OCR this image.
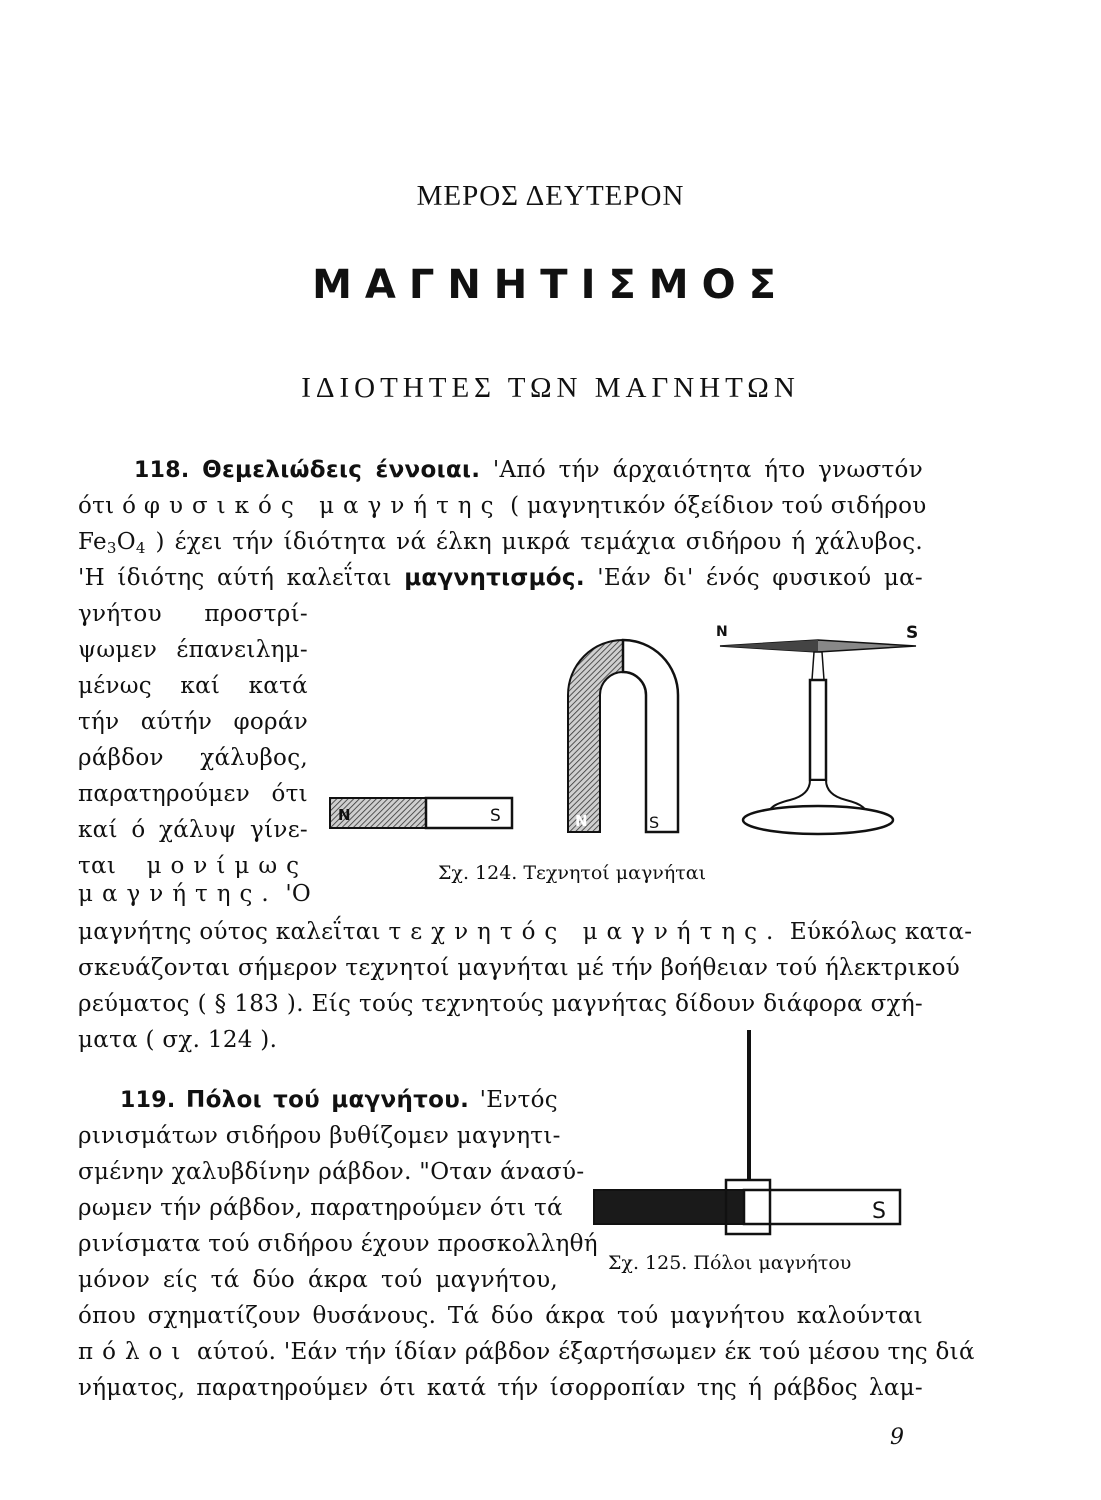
ΜΕΡΟΣ ΔΕΥΤΕΡΟΝ
ΜΑΓΝΗΤΙΣΜΟΣ
ΙΔΙΟΤΗΤΕΣ ΤΩΝ ΜΑΓΝΗΤΩΝ
118. Θεμελιώδεις έννοιαι. 'Από τήν άρχαιότητα ήτο γνωστόν
ότι ό φυσικός μαγνήτης ( μαγνητικόν όξείδιον τού σιδήρου
$Fe_3O_4$ ) έχει τήν ίδιότητα νά έλκη μικρά τεμάχια σιδήρου ή χάλυβος.
'Η ίδιότης αύτή καλεΐται μαγνητισμός. 'Εάν δι' ένός φυσικού μα-
γνήτου προστρί-
ψωμεν έπανειλημ-
μένως καί κατά
τήν αύτήν φοράν
ράβδον χάλυβος,
παρατηρούμεν ότι
καί ό χάλυψ γίνε-
ται μονίμως
μαγνήτης. 'Ο
μαγνήτης ούτος καλεΐται τεχνητός μαγνήτης. Εύκόλως κατα-
σκευάζονται σήμερον τεχνητοί μαγνήται μέ τήν βοήθειαν τού ήλεκτρικού
ρεύματος ( § 183 ). Είς τούς τεχνητούς μαγνήτας δίδουν διάφορα σχή-
ματα ( σχ. 124 ).
N	S	N	S
N	S
Σχ. 124. Τεχνητοί μαγνήται
119. Πόλοι τού μαγνήτου. 'Εντός
ρινισμάτων σιδήρου βυθίζομεν μαγνητι-
σμένην χαλυβδίνην ράβδον. "Οταν άνασύ-
ρωμεν τήν ράβδον, παρατηρούμεν ότι τά
ρινίσματα τού σιδήρου έχουν προσκολληθή
μόνον είς τά δύο άκρα τού μαγνήτου,
όπου σχηματίζουν θυσάνους. Τά δύο άκρα τού μαγνήτου καλούνται
πόλοι αύτού. 'Εάν τήν ίδίαν ράβδον έξαρτήσωμεν έκ τού μέσου της διά
νήματος, παρατηρούμεν ότι κατά τήν ίσορροπίαν της ή ράβδος λαμ-
S
Σχ. 125. Πόλοι μαγνήτου
9
